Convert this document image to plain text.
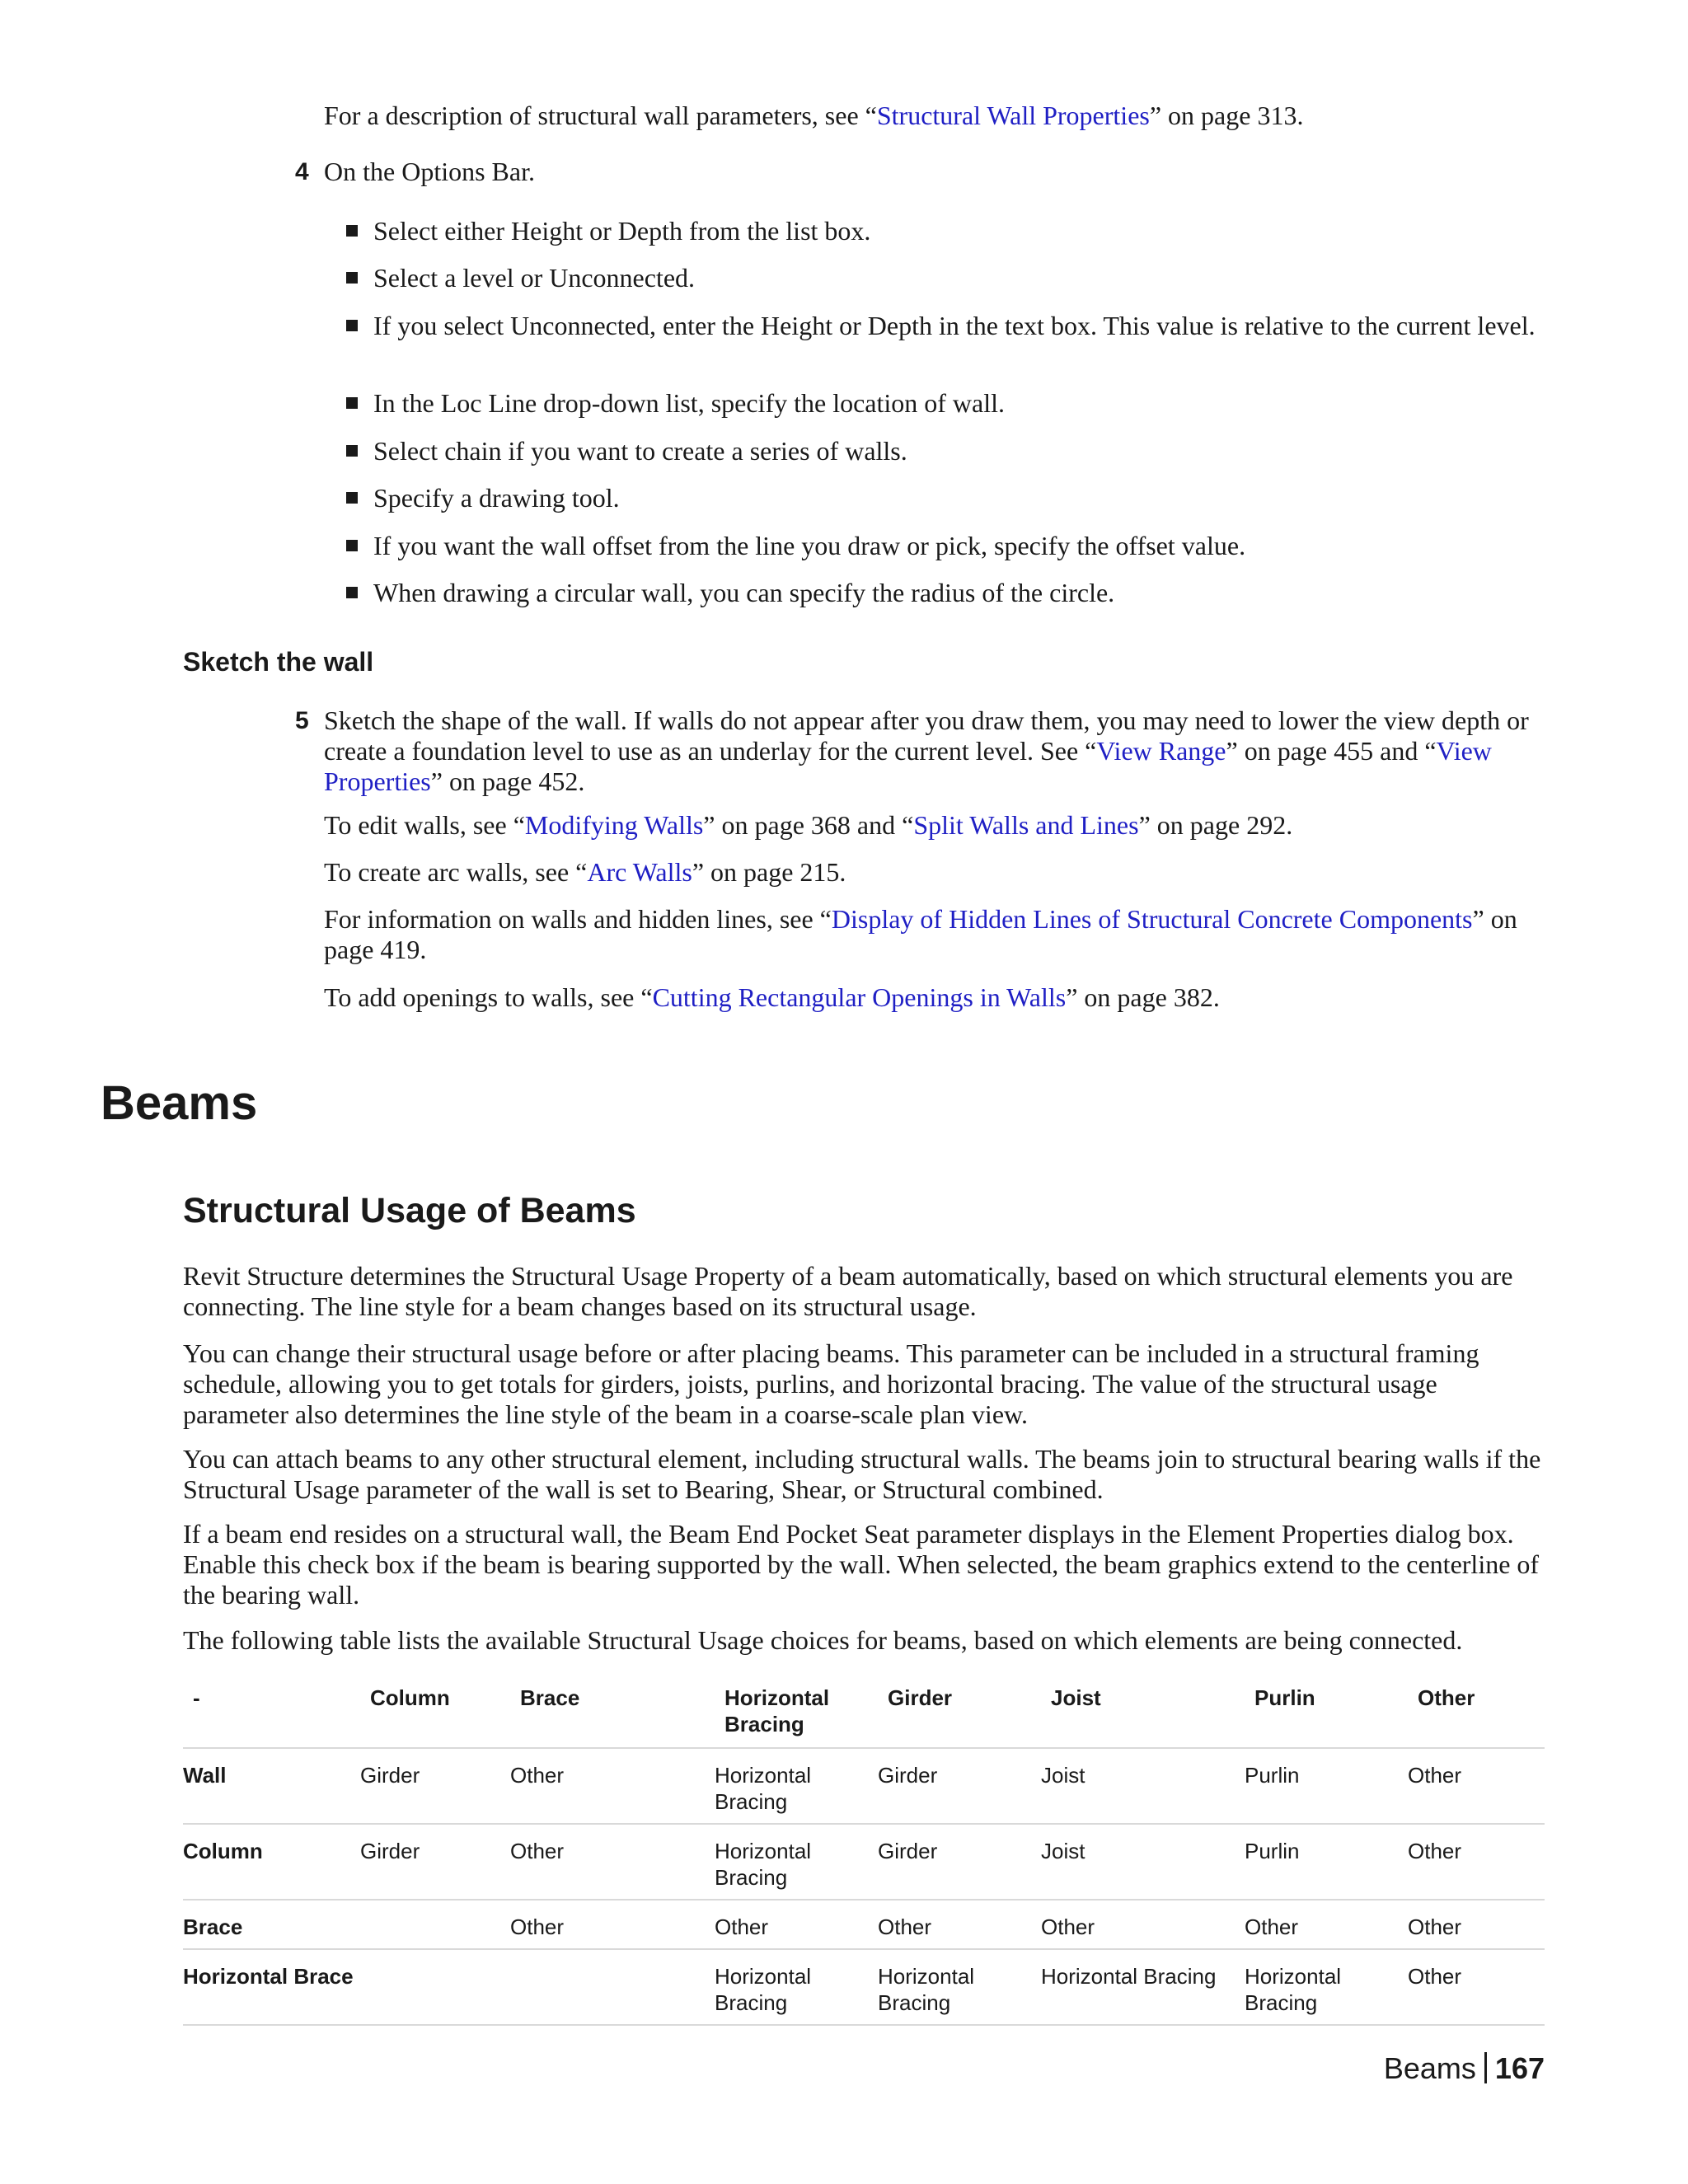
For a description of structural wall parameters, see “Structural Wall Properties” on page 313.

4 On the Options Bar.

Select either Height or Depth from the list box.

Select a level or Unconnected.

If you select Unconnected, enter the Height or Depth in the text box. This value is relative to the current level.

In the Loc Line drop-down list, specify the location of wall.

Select chain if you want to create a series of walls.

Specify a drawing tool.

If you want the wall offset from the line you draw or pick, specify the offset value.

When drawing a circular wall, you can specify the radius of the circle.

Sketch the wall
5 Sketch the shape of the wall. If walls do not appear after you draw them, you may need to lower the view depth or create a foundation level to use as an underlay for the current level. See “View Range” on page 455 and “View Properties” on page 452.

To edit walls, see “Modifying Walls” on page 368 and “Split Walls and Lines” on page 292.

To create arc walls, see “Arc Walls” on page 215.

For information on walls and hidden lines, see “Display of Hidden Lines of Structural Concrete Components” on page 419.

To add openings to walls, see “Cutting Rectangular Openings in Walls” on page 382.

Beams
Structural Usage of Beams

Revit Structure determines the Structural Usage Property of a beam automatically, based on which structural elements you are connecting. The line style for a beam changes based on its structural usage.

You can change their structural usage before or after placing beams. This parameter can be included in a structural framing schedule, allowing you to get totals for girders, joists, purlins, and horizontal bracing. The value of the structural usage parameter also determines the line style of the beam in a coarse-scale plan view.

You can attach beams to any other structural element, including structural walls. The beams join to structural bearing walls if the Structural Usage parameter of the wall is set to Bearing, Shear, or Structural combined.

If a beam end resides on a structural wall, the Beam End Pocket Seat parameter displays in the Element Properties dialog box. Enable this check box if the beam is bearing supported by the wall. When selected, the beam graphics extend to the centerline of the bearing wall.

The following table lists the available Structural Usage choices for beams, based on which elements are being connected.

-	Column	Brace	Horizontal Bracing	Girder	Joist	Purlin	Other
Wall	Girder	Other	Horizontal Bracing	Girder	Joist	Purlin	Other
Column	Girder	Other	Horizontal Bracing	Girder	Joist	Purlin	Other
Brace		Other	Other	Other	Other	Other	Other
Horizontal Brace			Horizontal Bracing	Horizontal Bracing	Horizontal Bracing	Horizontal Bracing	Other
Beams 167
